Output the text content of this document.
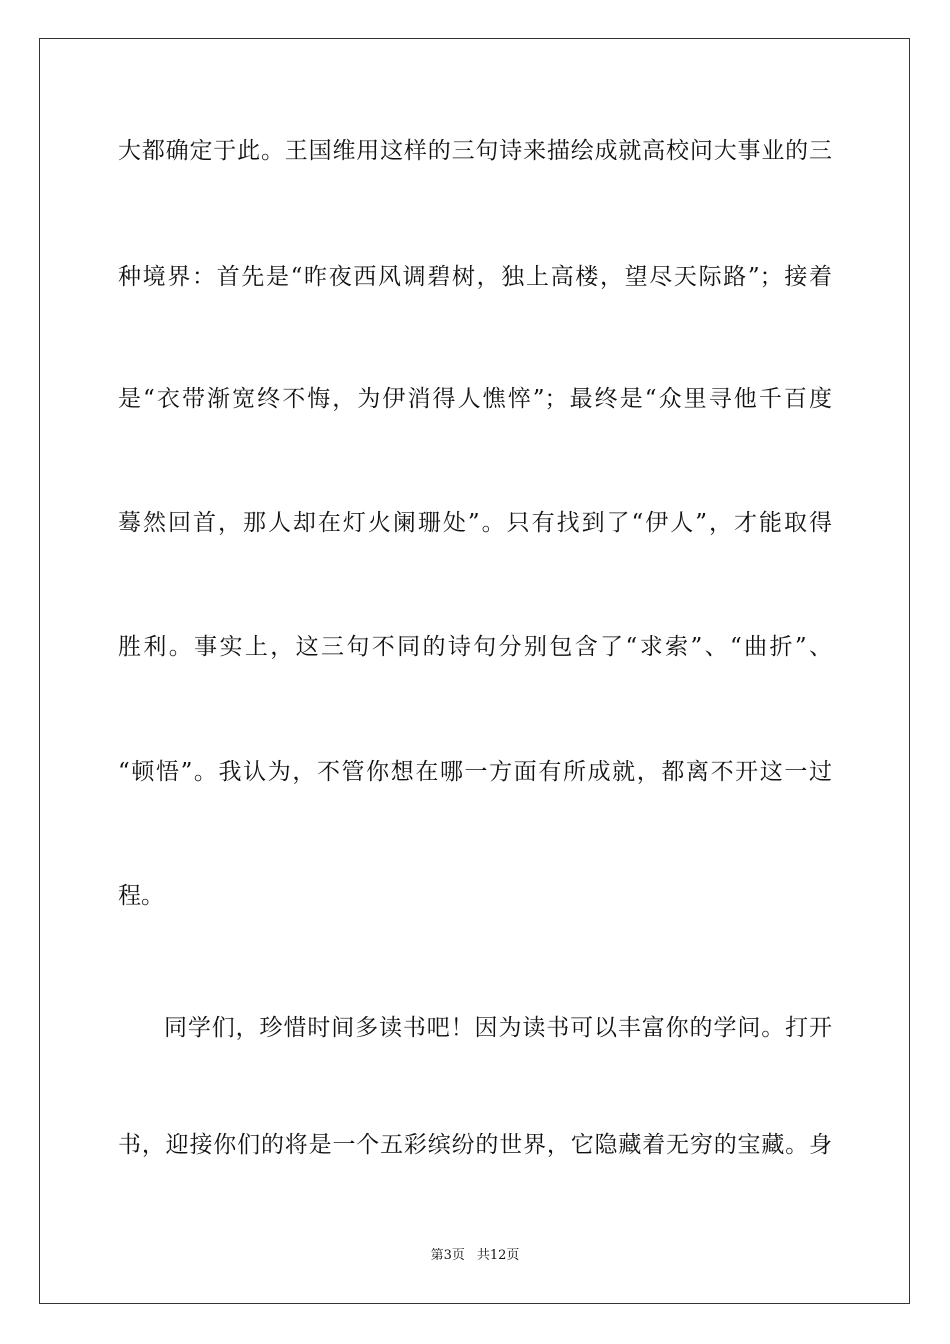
大都确定于此。王国维用这样的三句诗来描绘成就高校问大事业的三
种境界：首先是“昨夜西风调碧树，独上高楼，望尽天际路”；接着
是“衣带渐宽终不悔，为伊消得人憔悴”；最终是“众里寻他千百度
蓦然回首，那人却在灯火阑珊处”。只有找到了“伊人”，才能取得
胜利。事实上，这三句不同的诗句分别包含了“求索”、“曲折”、
“顿悟”。我认为，不管你想在哪一方面有所成就，都离不开这一过
程。
同学们，珍惜时间多读书吧！因为读书可以丰富你的学问。打开
书，迎接你们的将是一个五彩缤纷的世界，它隐藏着无穷的宝藏。身
第3页 共12页
